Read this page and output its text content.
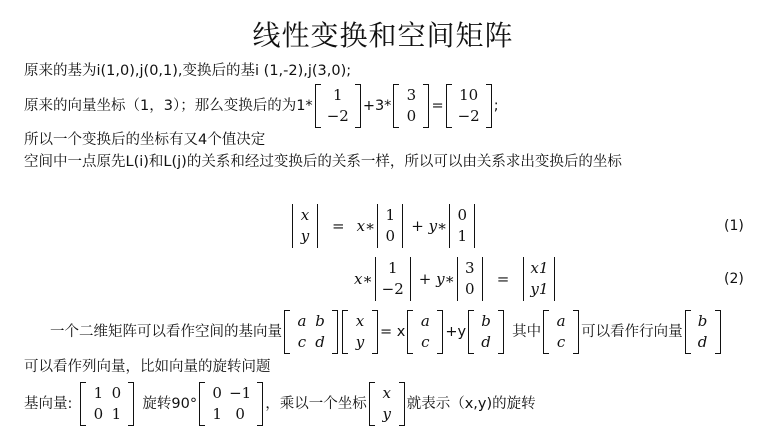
线性变换和空间矩阵
原来的基为i(1,0),j(0,1),变换后的基i (1,-2),j(3,0);
原来的向量坐标（1，3）；那么变换后的为1*
1
−2
+3*
3
0
=
10
−2
;
所以一个变换后的坐标有又4个值决定
空间中一点原先L(i)和L(j)的关系和经过变换后的关系一样，所以可以由关系求出变换后的坐标
x
y
= x∗
1
0
+ y∗
0
1
(1)
x∗
1
−2
+ y∗
3
0
=
x1
y1
(2)
一个二维矩阵可以看作空间的基向量
a
c
b
d
x
y
= x
a
c
+y
b
d
其中
a
c
可以看作行向量
b
d
可以看作列向量，比如向量的旋转问题
基向量:
1
0
0
1
旋转90°
0
1
−1
0
，乘以一个坐标
x
y
就表示（x,y)的旋转
